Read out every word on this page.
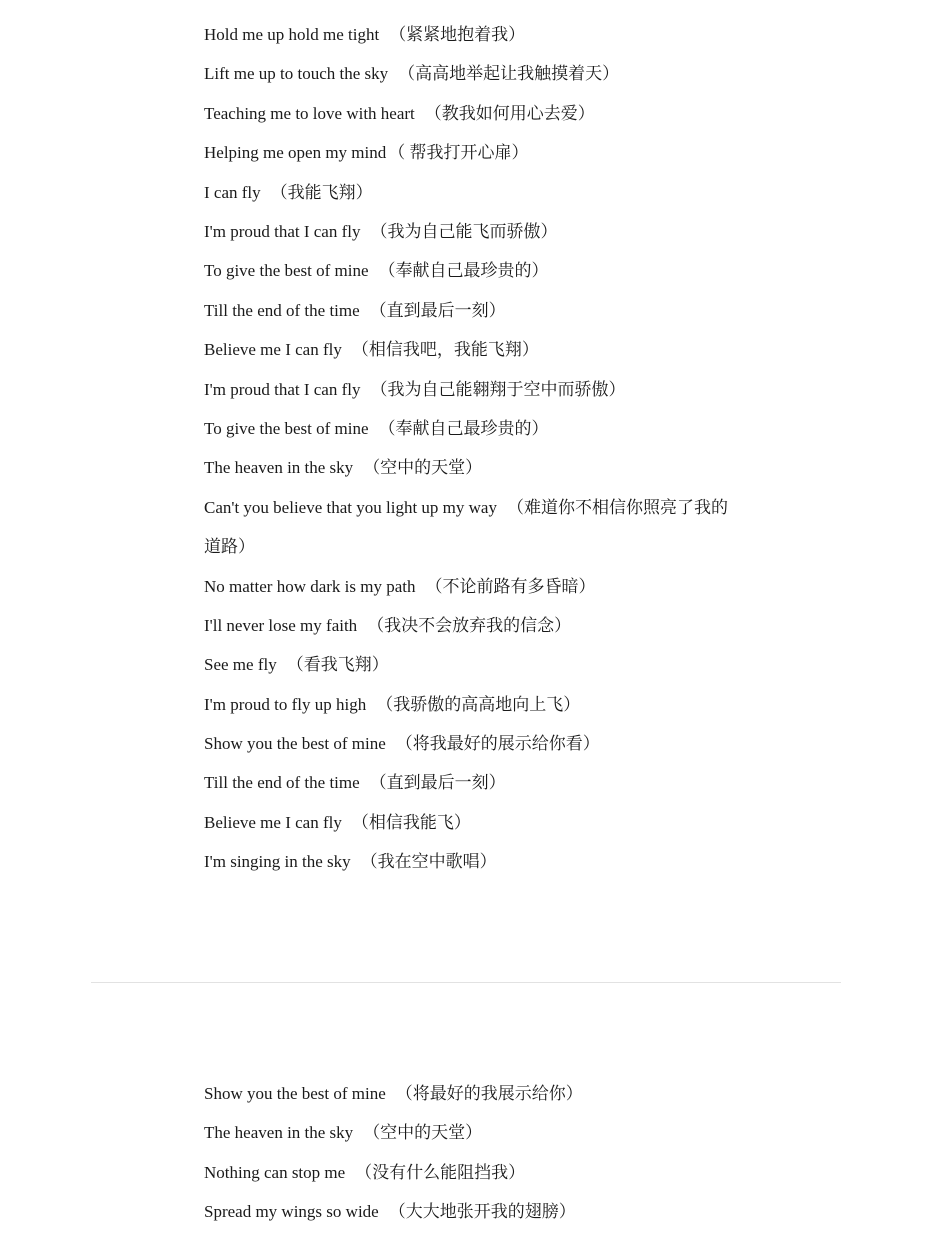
Hold me up hold me tight （紧紧地抱着我）
Lift me up to touch the sky （高高地举起让我触摸着天）
Teaching me to love with heart （教我如何用心去爱）
Helping me open my mind （ 帮我打开心扉）
I can fly （我能飞翔）
I'm proud that I can fly （我为自己能飞而骄傲）
To give the best of mine （奉献自己最珍贵的）
Till the end of the time （直到最后一刻）
Believe me I can fly （相信我吧，我能飞翔）
I'm proud that I can fly （我为自己能翱翔于空中而骄傲）
To give the best of mine （奉献自己最珍贵的）
The heaven in the sky （空中的天堂）
Can't you believe that you light up my way （难道你不相信你照亮了我的道路）
No matter how dark is my path （不论前路有多昏暗）
I'll never lose my faith （我决不会放弃我的信念）
See me fly （看我飞翔）
I'm proud to fly up high （我骄傲的高高地向上飞）
Show you the best of mine （将我最好的展示给你看）
Till the end of the time （直到最后一刻）
Believe me I can fly （相信我能飞）
I'm singing in the sky （我在空中歌唱）
Show you the best of mine （将最好的我展示给你）
The heaven in the sky （空中的天堂）
Nothing can stop me （没有什么能阻挡我）
Spread my wings so wide （大大地张开我的翅膀）
